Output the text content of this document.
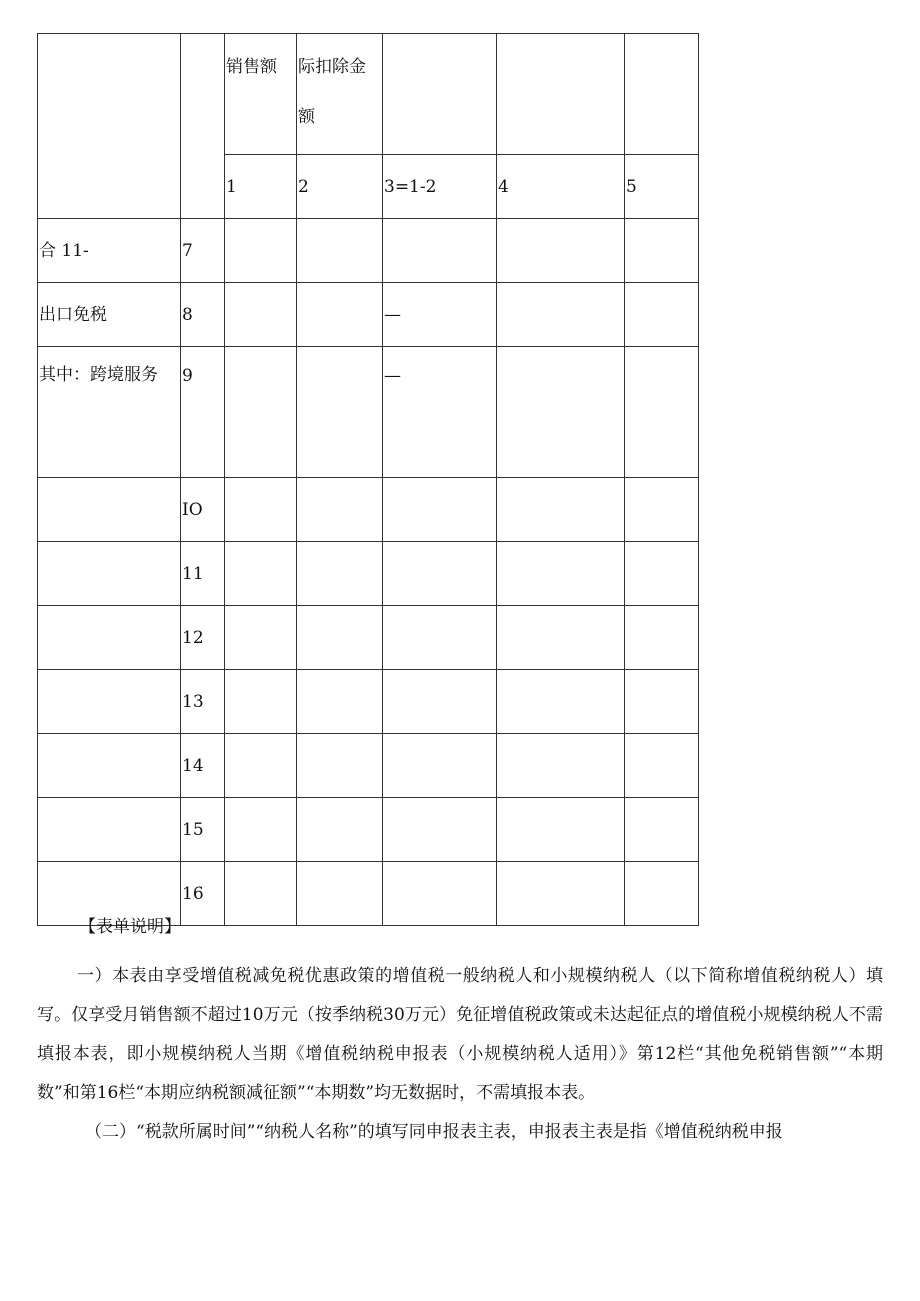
		销售额	际扣除金额			
		1	2	3=1-2	4	5
合 11-	7					
出口免税	8			—		
其中：跨境服务	9			—		
	IO					
	11					
	12					
	13					
	14					
	15					
	16					

【表单说明】

一）本表由享受增值税减免税优惠政策的增值税一般纳税人和小规模纳税人（以下简称增值税纳税人）填写。仅享受月销售额不超过10万元（按季纳税30万元）免征增值税政策或未达起征点的增值税小规模纳税人不需填报本表，即小规模纳税人当期《增值税纳税申报表（小规模纳税人适用）》第12栏“其他免税销售额”“本期数”和第16栏“本期应纳税额减征额”“本期数”均无数据时，不需填报本表。

（二）“税款所属时间”“纳税人名称”的填写同申报表主表，申报表主表是指《增值税纳税申报
